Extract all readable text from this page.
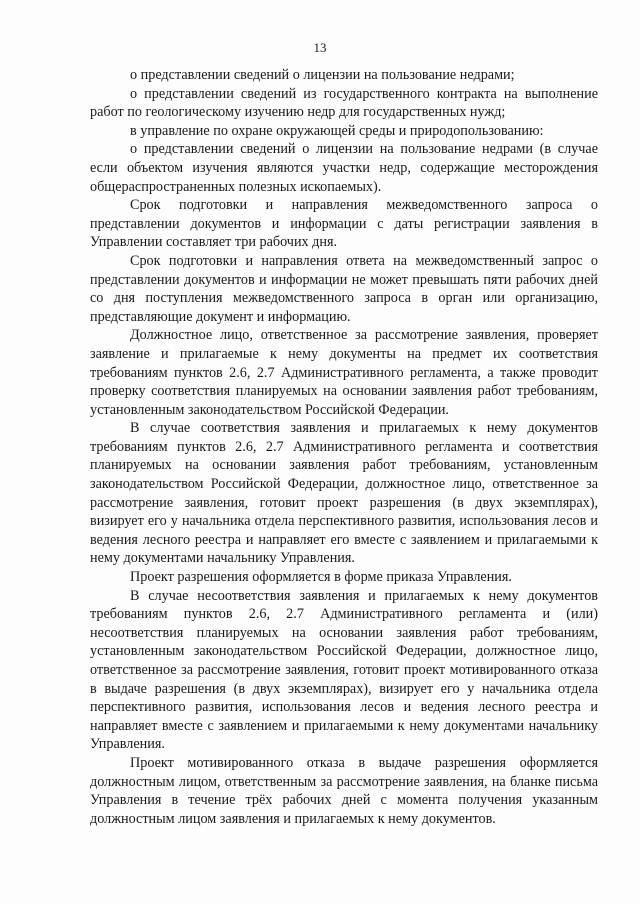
13

о представлении сведений о лицензии на пользование недрами;

о представлении сведений из государственного контракта на выполнение работ по геологическому изучению недр для государственных нужд;

в управление по охране окружающей среды и природопользованию:

о представлении сведений о лицензии на пользование недрами (в случае если объектом изучения являются участки недр, содержащие месторождения общераспространенных полезных ископаемых).

Срок подготовки и направления межведомственного запроса о представлении документов и информации с даты регистрации заявления в Управлении составляет три рабочих дня.

Срок подготовки и направления ответа на межведомственный запрос о представлении документов и информации не может превышать пяти рабочих дней со дня поступления межведомственного запроса в орган или организацию, представляющие документ и информацию.

Должностное лицо, ответственное за рассмотрение заявления, проверяет заявление и прилагаемые к нему документы на предмет их соответствия требованиям пунктов 2.6, 2.7 Административного регламента, а также проводит проверку соответствия планируемых на основании заявления работ требованиям, установленным законодательством Российской Федерации.

В случае соответствия заявления и прилагаемых к нему документов требованиям пунктов 2.6, 2.7 Административного регламента и соответствия планируемых на основании заявления работ требованиям, установленным законодательством Российской Федерации, должностное лицо, ответственное за рассмотрение заявления, готовит проект разрешения (в двух экземплярах), визирует его у начальника отдела перспективного развития, использования лесов и ведения лесного реестра и направляет его вместе с заявлением и прилагаемыми к нему документами начальнику Управления.

Проект разрешения оформляется в форме приказа Управления.

В случае несоответствия заявления и прилагаемых к нему документов требованиям пунктов 2.6, 2.7 Административного регламента и (или) несоответствия планируемых на основании заявления работ требованиям, установленным законодательством Российской Федерации, должностное лицо, ответственное за рассмотрение заявления, готовит проект мотивированного отказа в выдаче разрешения (в двух экземплярах), визирует его у начальника отдела перспективного развития, использования лесов и ведения лесного реестра и направляет вместе с заявлением и прилагаемыми к нему документами начальнику Управления.

Проект мотивированного отказа в выдаче разрешения оформляется должностным лицом, ответственным за рассмотрение заявления, на бланке письма Управления в течение трёх рабочих дней с момента получения указанным должностным лицом заявления и прилагаемых к нему документов.
